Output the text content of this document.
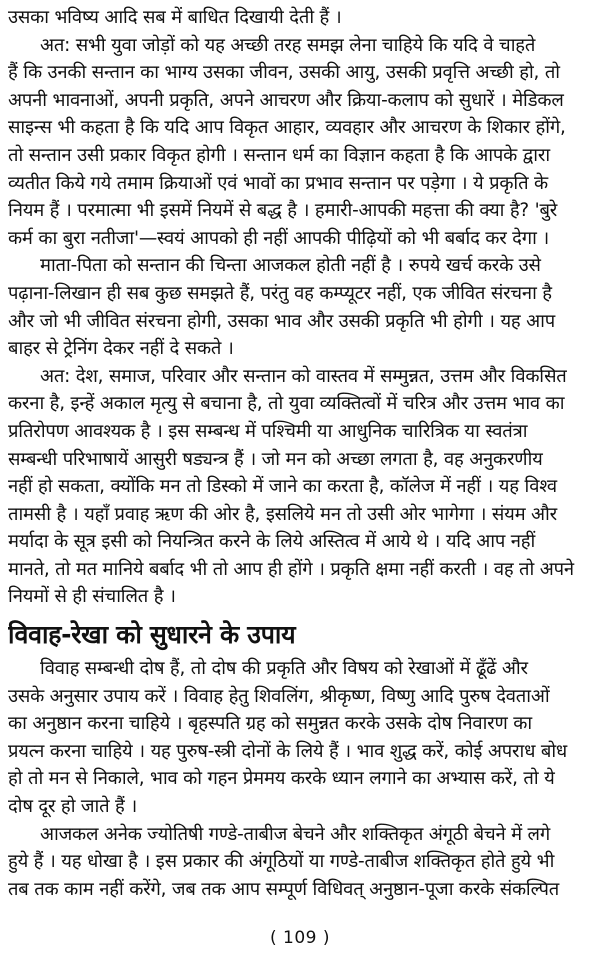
उसका भविष्य आदि सब में बाधित दिखायी देती हैं ।
अत: सभी युवा जोड़ों को यह अच्छी तरह समझ लेना चाहिये कि यदि वे चाहते
हैं कि उनकी सन्तान का भाग्य उसका जीवन, उसकी आयु, उसकी प्रवृत्ति अच्छी हो, तो
अपनी भावनाओं, अपनी प्रकृति, अपने आचरण और क्रिया-कलाप को सुधारें । मेडिकल
साइन्स भी कहता है कि यदि आप विकृत आहार, व्यवहार और आचरण के शिकार होंगे,
तो सन्तान उसी प्रकार विकृत होगी । सन्तान धर्म का विज्ञान कहता है कि आपके द्वारा
व्यतीत किये गये तमाम क्रियाओं एवं भावों का प्रभाव सन्तान पर पड़ेगा । ये प्रकृति के
नियम हैं । परमात्मा भी इसमें नियमें से बद्ध है । हमारी-आपकी महत्ता की क्या है? 'बुरे
कर्म का बुरा नतीजा'—स्वयं आपको ही नहीं आपकी पीढ़ियों को भी बर्बाद कर देगा ।
माता-पिता को सन्तान की चिन्ता आजकल होती नहीं है । रुपये खर्च करके उसे
पढ़ाना-लिखान ही सब कुछ समझते हैं, परंतु वह कम्प्यूटर नहीं, एक जीवित संरचना है
और जो भी जीवित संरचना होगी, उसका भाव और उसकी प्रकृति भी होगी । यह आप
बाहर से ट्रेनिंग देकर नहीं दे सकते ।
अत: देश, समाज, परिवार और सन्तान को वास्तव में सम्मुन्नत, उत्तम और विकसित
करना है, इन्हें अकाल मृत्यु से बचाना है, तो युवा व्यक्तित्वों में चरित्र और उत्तम भाव का
प्रतिरोपण आवश्यक है । इस सम्बन्ध में पश्चिमी या आधुनिक चारित्रिक या स्वतंत्रा
सम्बन्धी परिभाषायें आसुरी षड्यन्त्र हैं । जो मन को अच्छा लगता है, वह अनुकरणीय
नहीं हो सकता, क्योंकि मन तो डिस्को में जाने का करता है, कॉलेज में नहीं । यह विश्व
तामसी है । यहाँ प्रवाह ऋण की ओर है, इसलिये मन तो उसी ओर भागेगा । संयम और
मर्यादा के सूत्र इसी को नियन्त्रित करने के लिये अस्तित्व में आये थे । यदि आप नहीं
मानते, तो मत मानिये बर्बाद भी तो आप ही होंगे । प्रकृति क्षमा नहीं करती । वह तो अपने
नियमों से ही संचालित है ।
विवाह-रेखा को सुधारने के उपाय
विवाह सम्बन्धी दोष हैं, तो दोष की प्रकृति और विषय को रेखाओं में ढूँढें और
उसके अनुसार उपाय करें । विवाह हेतु शिवलिंग, श्रीकृष्ण, विष्णु आदि पुरुष देवताओं
का अनुष्ठान करना चाहिये । बृहस्पति ग्रह को समुन्नत करके उसके दोष निवारण का
प्रयत्न करना चाहिये । यह पुरुष-स्त्री दोनों के लिये हैं । भाव शुद्ध करें, कोई अपराध बोध
हो तो मन से निकाले, भाव को गहन प्रेममय करके ध्यान लगाने का अभ्यास करें, तो ये
दोष दूर हो जाते हैं ।
आजकल अनेक ज्योतिषी गण्डे-ताबीज बेचने और शक्तिकृत अंगूठी बेचने में लगे
हुये हैं । यह धोखा है । इस प्रकार की अंगूठियों या गण्डे-ताबीज शक्तिकृत होते हुये भी
तब तक काम नहीं करेंगे, जब तक आप सम्पूर्ण विधिवत् अनुष्ठान-पूजा करके संकल्पित
( 109 )
